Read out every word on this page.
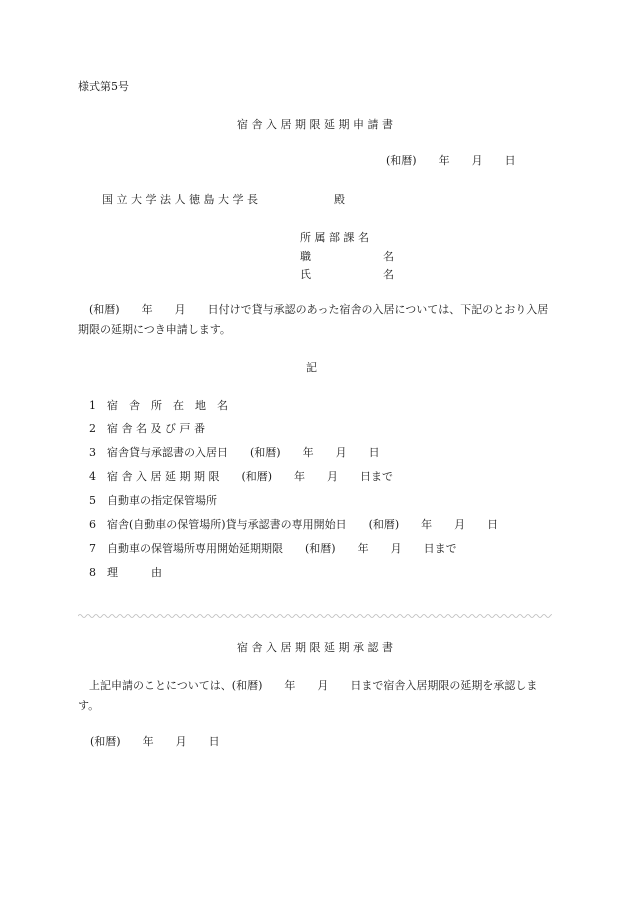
様式第5号
宿 舎 入 居 期 限 延 期 申 請 書
(和暦)　　年　　月　　日
国 立 大 学 法 人 徳 島 大 学 長	殿
所 属 部 課 名
職	名
氏	名
　(和暦)　　年　　月　　日付けで貸与承認のあった宿舎の入居については、下記のとおり入居期限の延期につき申請します。
記
1　宿　舎　所　在　地　名
2　宿 舎 名 及 び 戸 番
3　宿舎貸与承認書の入居日　　(和暦)　　年　　月　　日
4　宿 舎 入 居 延 期 期 限　　(和暦)　　年　　月　　日まで
5　自動車の指定保管場所
6　宿舎(自動車の保管場所)貸与承認書の専用開始日　　(和暦)　　年　　月　　日
7　自動車の保管場所専用開始延期期限　　(和暦)　　年　　月　　日まで
8　理　　　由
宿 舎 入 居 期 限 延 期 承 認 書
　上記申請のことについては、(和暦)　　年　　月　　日まで宿舎入居期限の延期を承認します。
(和暦)　　年　　月　　日
